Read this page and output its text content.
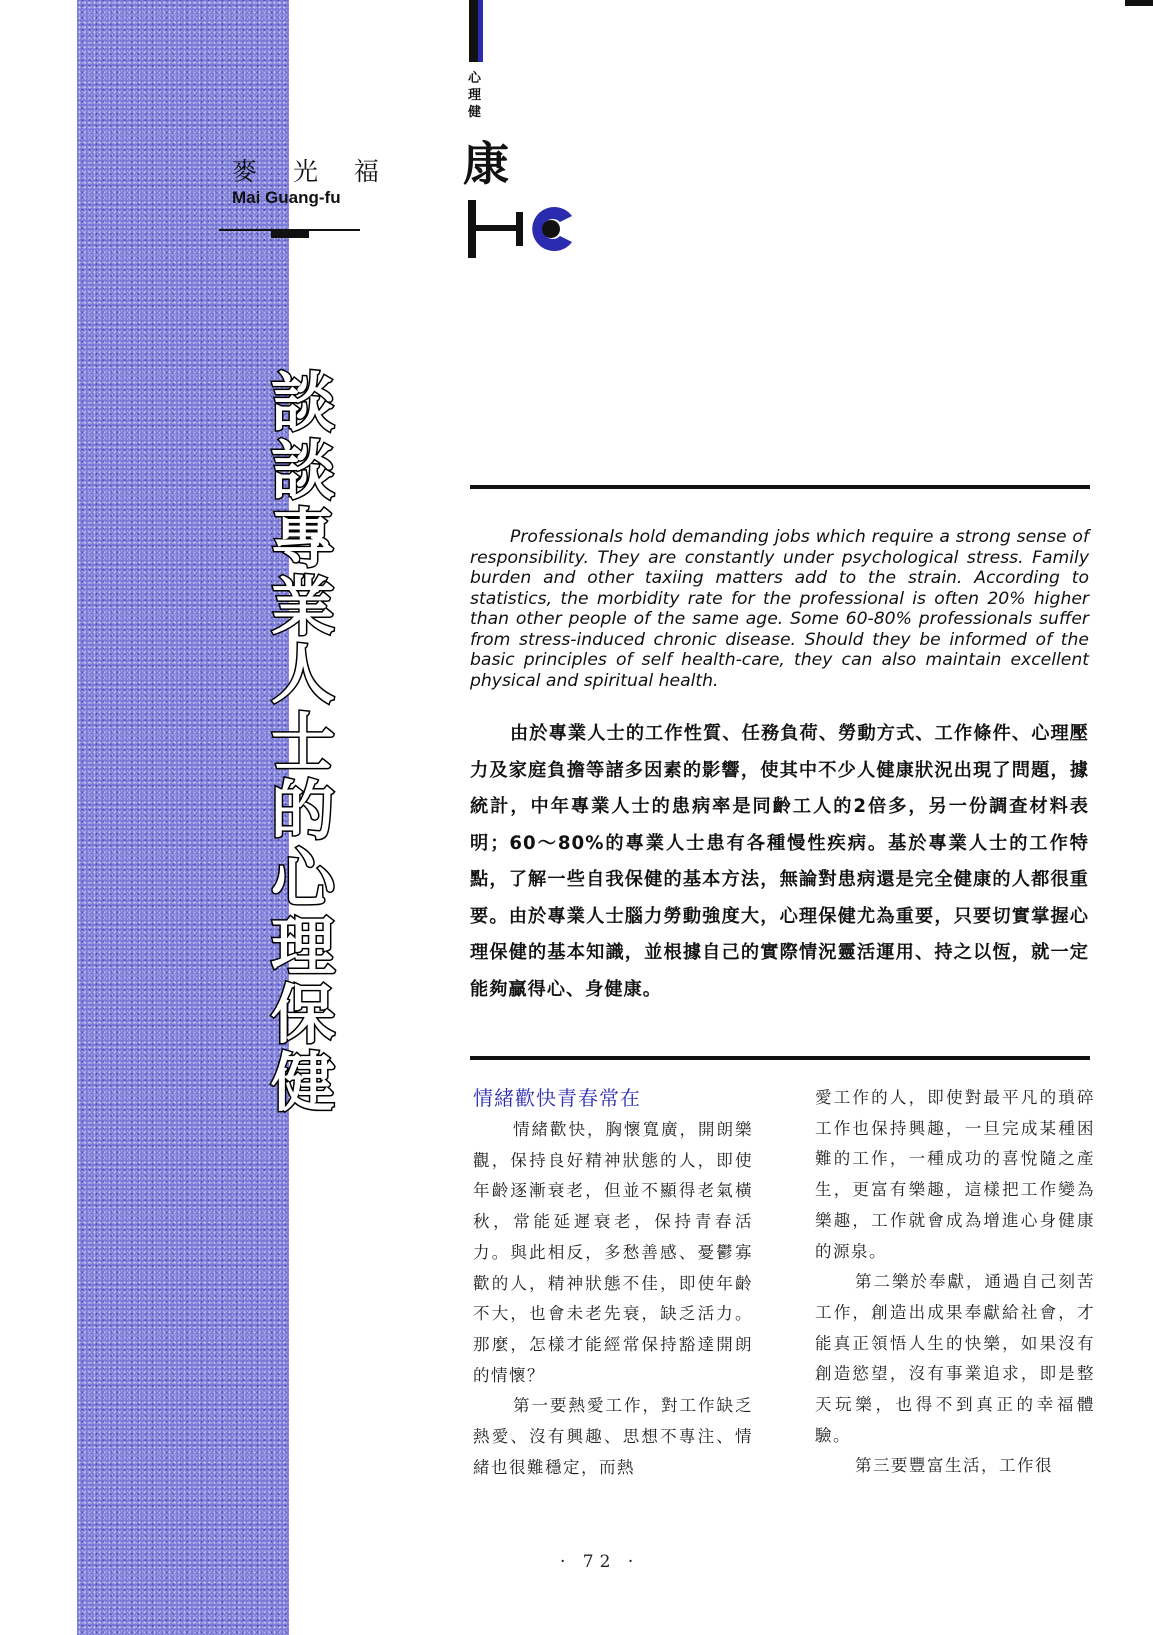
麥 光 福
Mai Guang-fu
談
談
專
業
人
士
的
心
理
保
健
心
理
健
康
Professionals hold demanding jobs which require a strong sense of responsibility. They are constantly under psychological stress. Family burden and other taxiing matters add to the strain. According to statistics, the morbidity rate for the professional is often 20% higher than other people of the same age. Some 60-80% professionals suffer from stress-induced chronic disease. Should they be informed of the basic principles of self health-care, they can also maintain excellent physical and spiritual health.
由於專業人士的工作性質、任務負荷、勞動方式、工作條件、心理壓力及家庭負擔等諸多因素的影響，使其中不少人健康狀況出現了問題，據統計，中年專業人士的患病率是同齡工人的2倍多，另一份調查材料表明；60〜80%的專業人士患有各種慢性疾病。基於專業人士的工作特點，了解一些自我保健的基本方法，無論對患病還是完全健康的人都很重要。由於專業人士腦力勞動強度大，心理保健尤為重要，只要切實掌握心理保健的基本知識，並根據自己的實際情況靈活運用、持之以恆，就一定能夠贏得心、身健康。
情緒歡快青春常在

情緒歡快，胸懷寬廣，開朗樂觀，保持良好精神狀態的人，即使年齡逐漸衰老，但並不顯得老氣橫秋，常能延遲衰老，保持青春活力。與此相反，多愁善感、憂鬱寡歡的人，精神狀態不佳，即使年齡不大，也會未老先衰，缺乏活力。那麼，怎樣才能經常保持豁達開朗的情懷？

第一要熱愛工作，對工作缺乏熱愛、沒有興趣、思想不專注、情緒也很難穩定，而熱

愛工作的人，即使對最平凡的瑣碎工作也保持興趣，一旦完成某種困難的工作，一種成功的喜悅隨之產生，更富有樂趣，這樣把工作變為樂趣，工作就會成為增進心身健康的源泉。

第二樂於奉獻，通過自己刻苦工作，創造出成果奉獻給社會，才能真正領悟人生的快樂，如果沒有創造慾望，沒有事業追求，即是整天玩樂，也得不到真正的幸福體驗。

第三要豐富生活，工作很

· 72 ·
